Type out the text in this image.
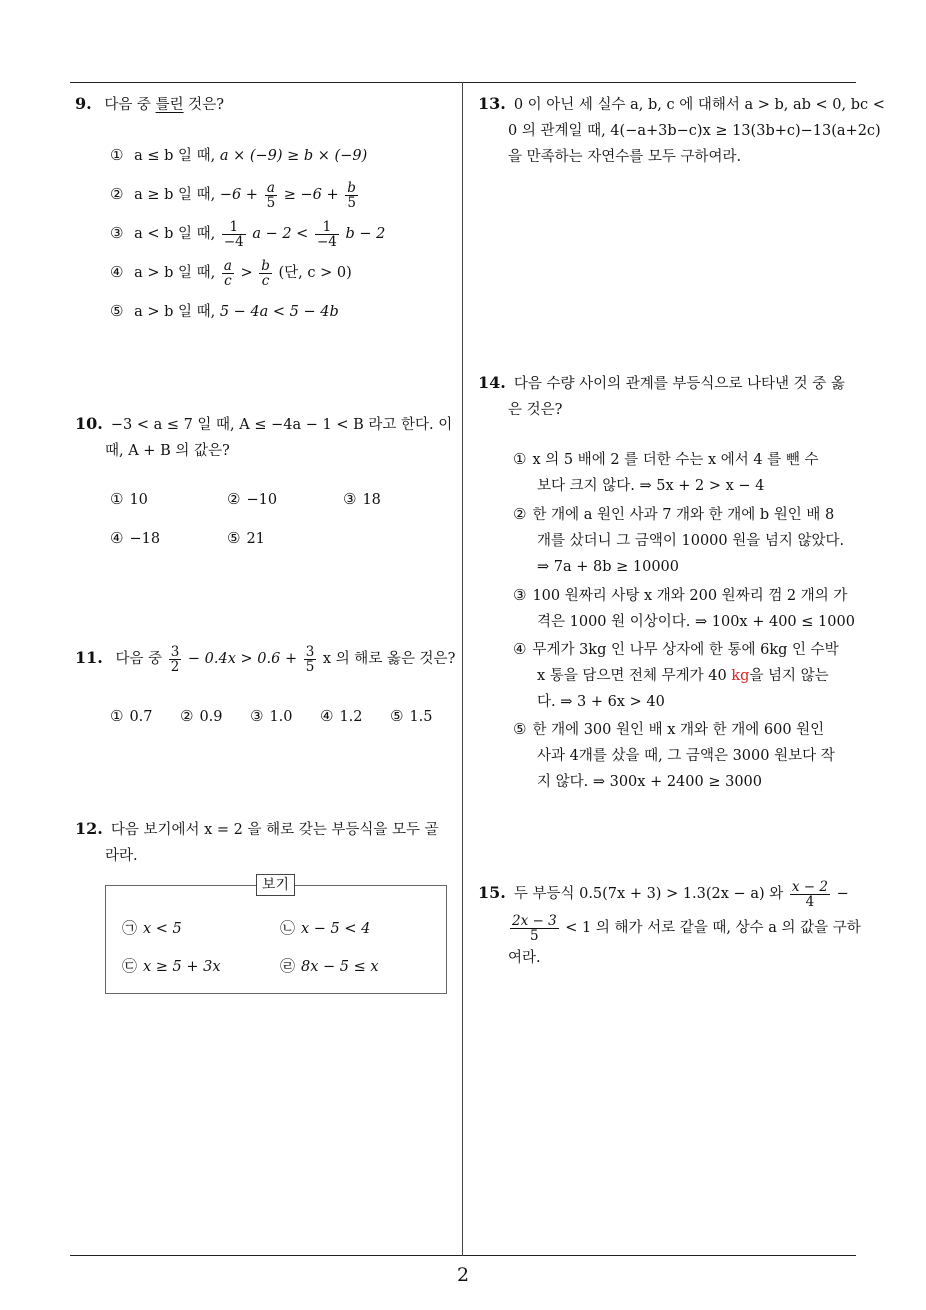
9. 다음 중 틀린 것은?
① a ≤ b 일 때, a × (−9) ≥ b × (−9)
② a ≥ b 일 때, $-6 + \frac{a}{5} \ge -6 + \frac{b}{5}$
③ a < b 일 때, $\frac{1}{-4}$ $a - 2 < \frac{1}{-4}$ b − 2
④ a > b 일 때, $\frac{a}{c} > \frac{b}{c}$ (단, c > 0)
⑤ a > b 일 때, 5 − 4a < 5 − 4b
10. −3 < a ≤ 7 일 때, A ≤ −4a − 1 < B 라고 한다. 이
때, A + B 의 값은?
① 10	② −10	③ 18
④ −18	⑤ 21
11. 다음 중 $\frac{3}{2} - 0.4x > 0.6 + \frac{3}{5}$ x 의 해로 옳은 것은?
① 0.7 ② 0.9 ③ 1.0 ④ 1.2 ⑤ 1.5
12. 다음 보기에서 x = 2 을 해로 갖는 부등식을 모두 골
라라.
보기
㉠ x < 5	㉡ x − 5 < 4
㉢ x ≥ 5 + 3x	㉣ 8x − 5 ≤ x
13. 0 이 아닌 세 실수 a, b, c 에 대해서 a > b, ab < 0, bc <
0 의 관계일 때, 4(−a+3b−c)x ≥ 13(3b+c)−13(a+2c)
을 만족하는 자연수를 모두 구하여라.
14. 다음 수량 사이의 관계를 부등식으로 나타낸 것 중 옳
은 것은?
① x 의 5 배에 2 를 더한 수는 x 에서 4 를 뺀 수
보다 크지 않다. ⇒ 5x + 2 > x − 4
② 한 개에 a 원인 사과 7 개와 한 개에 b 원인 배 8
개를 샀더니 그 금액이 10000 원을 넘지 않았다.
⇒ 7a + 8b ≥ 10000
③ 100 원짜리 사탕 x 개와 200 원짜리 껌 2 개의 가
격은 1000 원 이상이다. ⇒ 100x + 400 ≤ 1000
④ 무게가 3kg 인 나무 상자에 한 통에 6kg 인 수박
x 통을 담으면 전체 무게가 40 kg을 넘지 않는
다. ⇒ 3 + 6x > 40
⑤ 한 개에 300 원인 배 x 개와 한 개에 600 원인
사과 4개를 샀을 때, 그 금액은 3000 원보다 작
지 않다. ⇒ 300x + 2400 ≥ 3000
15. 두 부등식 0.5(7x + 3) > 1.3(2x − a) 와 $\frac{x - 2}{4}$ −
$\frac{2x - 3}{5} < 1$ 의 해가 서로 같을 때, 상수 a 의 값을 구하
여라.
2
